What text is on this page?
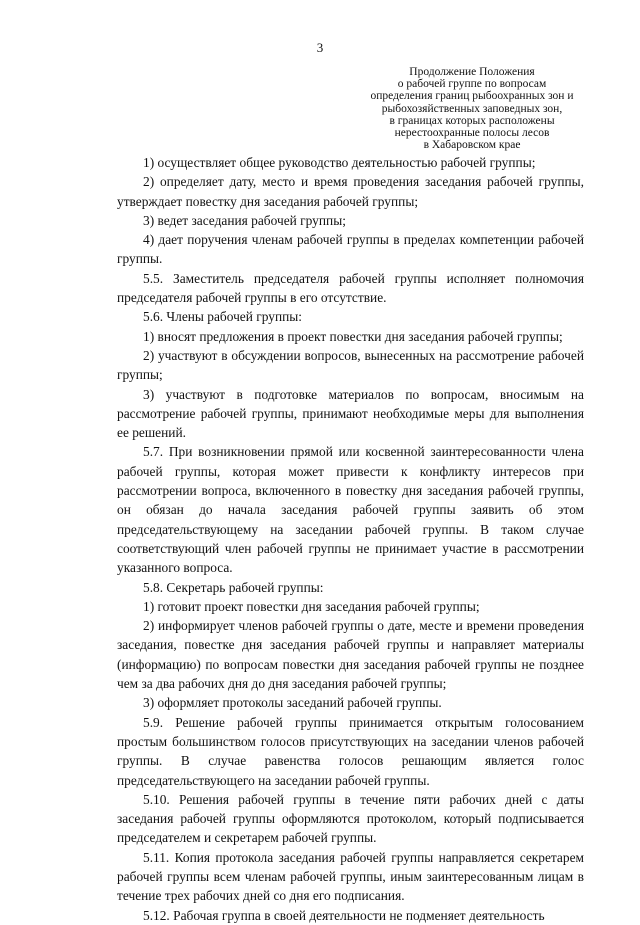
3
Продолжение Положения
о рабочей группе по вопросам
определения границ рыбоохранных зон и
рыбохозяйственных заповедных зон,
в границах которых расположены
нерестоохранные полосы лесов
в Хабаровском крае

1) осуществляет общее руководство деятельностью рабочей группы;

2) определяет дату, место и время проведения заседания рабочей группы, утверждает повестку дня заседания рабочей группы;

3) ведет заседания рабочей группы;

4) дает поручения членам рабочей группы в пределах компетенции рабочей группы.

5.5. Заместитель председателя рабочей группы исполняет полномочия председателя рабочей группы в его отсутствие.

5.6. Члены рабочей группы:

1) вносят предложения в проект повестки дня заседания рабочей группы;

2) участвуют в обсуждении вопросов, вынесенных на рассмотрение рабочей группы;

3) участвуют в подготовке материалов по вопросам, вносимым на рассмотрение рабочей группы, принимают необходимые меры для выполнения ее решений.

5.7. При возникновении прямой или косвенной заинтересованности члена рабочей группы, которая может привести к конфликту интересов при рассмотрении вопроса, включенного в повестку дня заседания рабочей группы, он обязан до начала заседания рабочей группы заявить об этом председательствующему на заседании рабочей группы. В таком случае соответствующий член рабочей группы не принимает участие в рассмотрении указанного вопроса.

5.8. Секретарь рабочей группы:

1) готовит проект повестки дня заседания рабочей группы;

2) информирует членов рабочей группы о дате, месте и времени проведения заседания, повестке дня заседания рабочей группы и направляет материалы (информацию) по вопросам повестки дня заседания рабочей группы не позднее чем за два рабочих дня до дня заседания рабочей группы;

3) оформляет протоколы заседаний рабочей группы.

5.9. Решение рабочей группы принимается открытым голосованием простым большинством голосов присутствующих на заседании членов рабочей группы. В случае равенства голосов решающим является голос председательствующего на заседании рабочей группы.

5.10. Решения рабочей группы в течение пяти рабочих дней с даты заседания рабочей группы оформляются протоколом, который подписывается председателем и секретарем рабочей группы.

5.11. Копия протокола заседания рабочей группы направляется секретарем рабочей группы всем членам рабочей группы, иным заинтересованным лицам в течение трех рабочих дней со дня его подписания.

5.12. Рабочая группа в своей деятельности не подменяет деятельность
